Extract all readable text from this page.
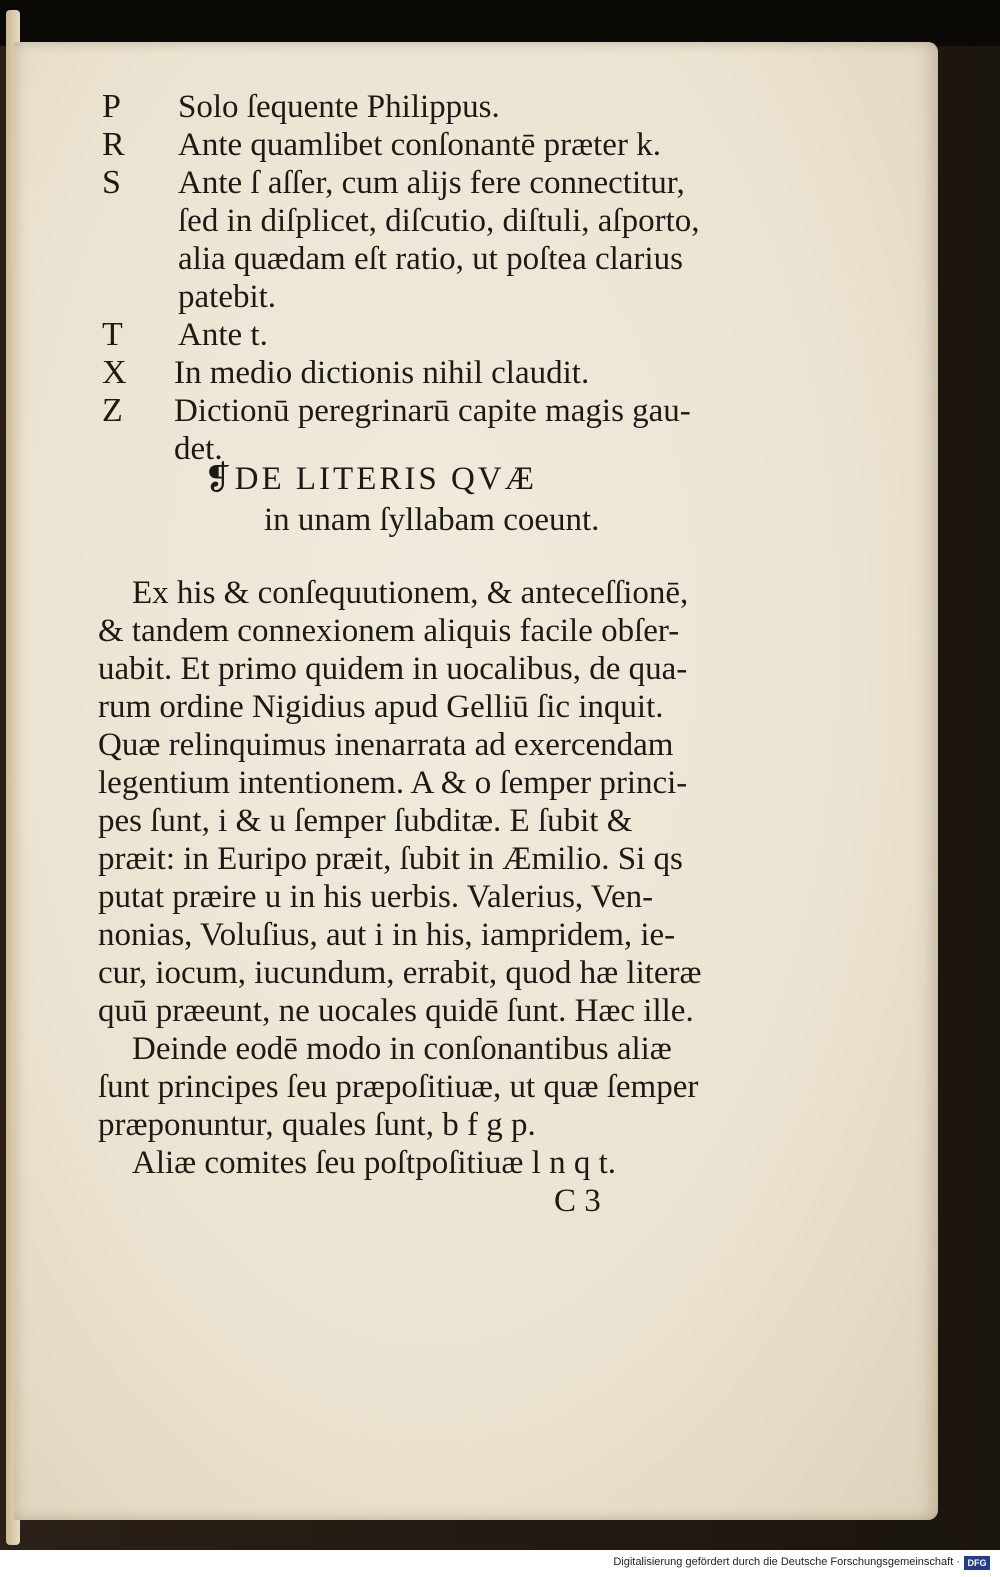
P Solo ſequente Philippus.
R Ante quamlibet conſonantē præter k.
S Ante ſ aſſer, cum alĳs fere connectitur,
ſed in diſplicet, diſcutio, diſtuli, aſporto,
alia quædam eſt ratio, ut poſtea clarius
patebit.
T Ante t.
X In medio dictionis nihil claudit.
Z Dictionū peregrinarū capite magis gau-
det.
❡DE LITERIS QVÆ
in unam ſyllabam coeunt.
Ex his & conſequutionem, & anteceſſionē,
& tandem connexionem aliquis facile obſer-
uabit. Et primo quidem in uocalibus, de qua-
rum ordine Nigidius apud Gelliū ſic inquit.
Quæ relinquimus inenarrata ad exercendam
legentium intentionem. A & o ſemper princi-
pes ſunt, i & u ſemper ſubditæ. E ſubit &
præit: in Euripo præit, ſubit in Æmilio. Si qs
putat præire u in his uerbis. Valerius, Ven-
nonias, Voluſius, aut i in his, iampridem, ie-
cur, iocum, iucundum, errabit, quod hæ literæ
quū præeunt, ne uocales quidē ſunt. Hæc ille.
Deinde eodē modo in conſonantibus aliæ
ſunt principes ſeu præpoſitiuæ, ut quæ ſemper
præponuntur, quales ſunt, b f g p.
Aliæ comites ſeu poſtpoſitiuæ l n q t.
C 3
Digitalisierung gefördert durch die Deutsche Forschungsgemeinschaft · DFG
